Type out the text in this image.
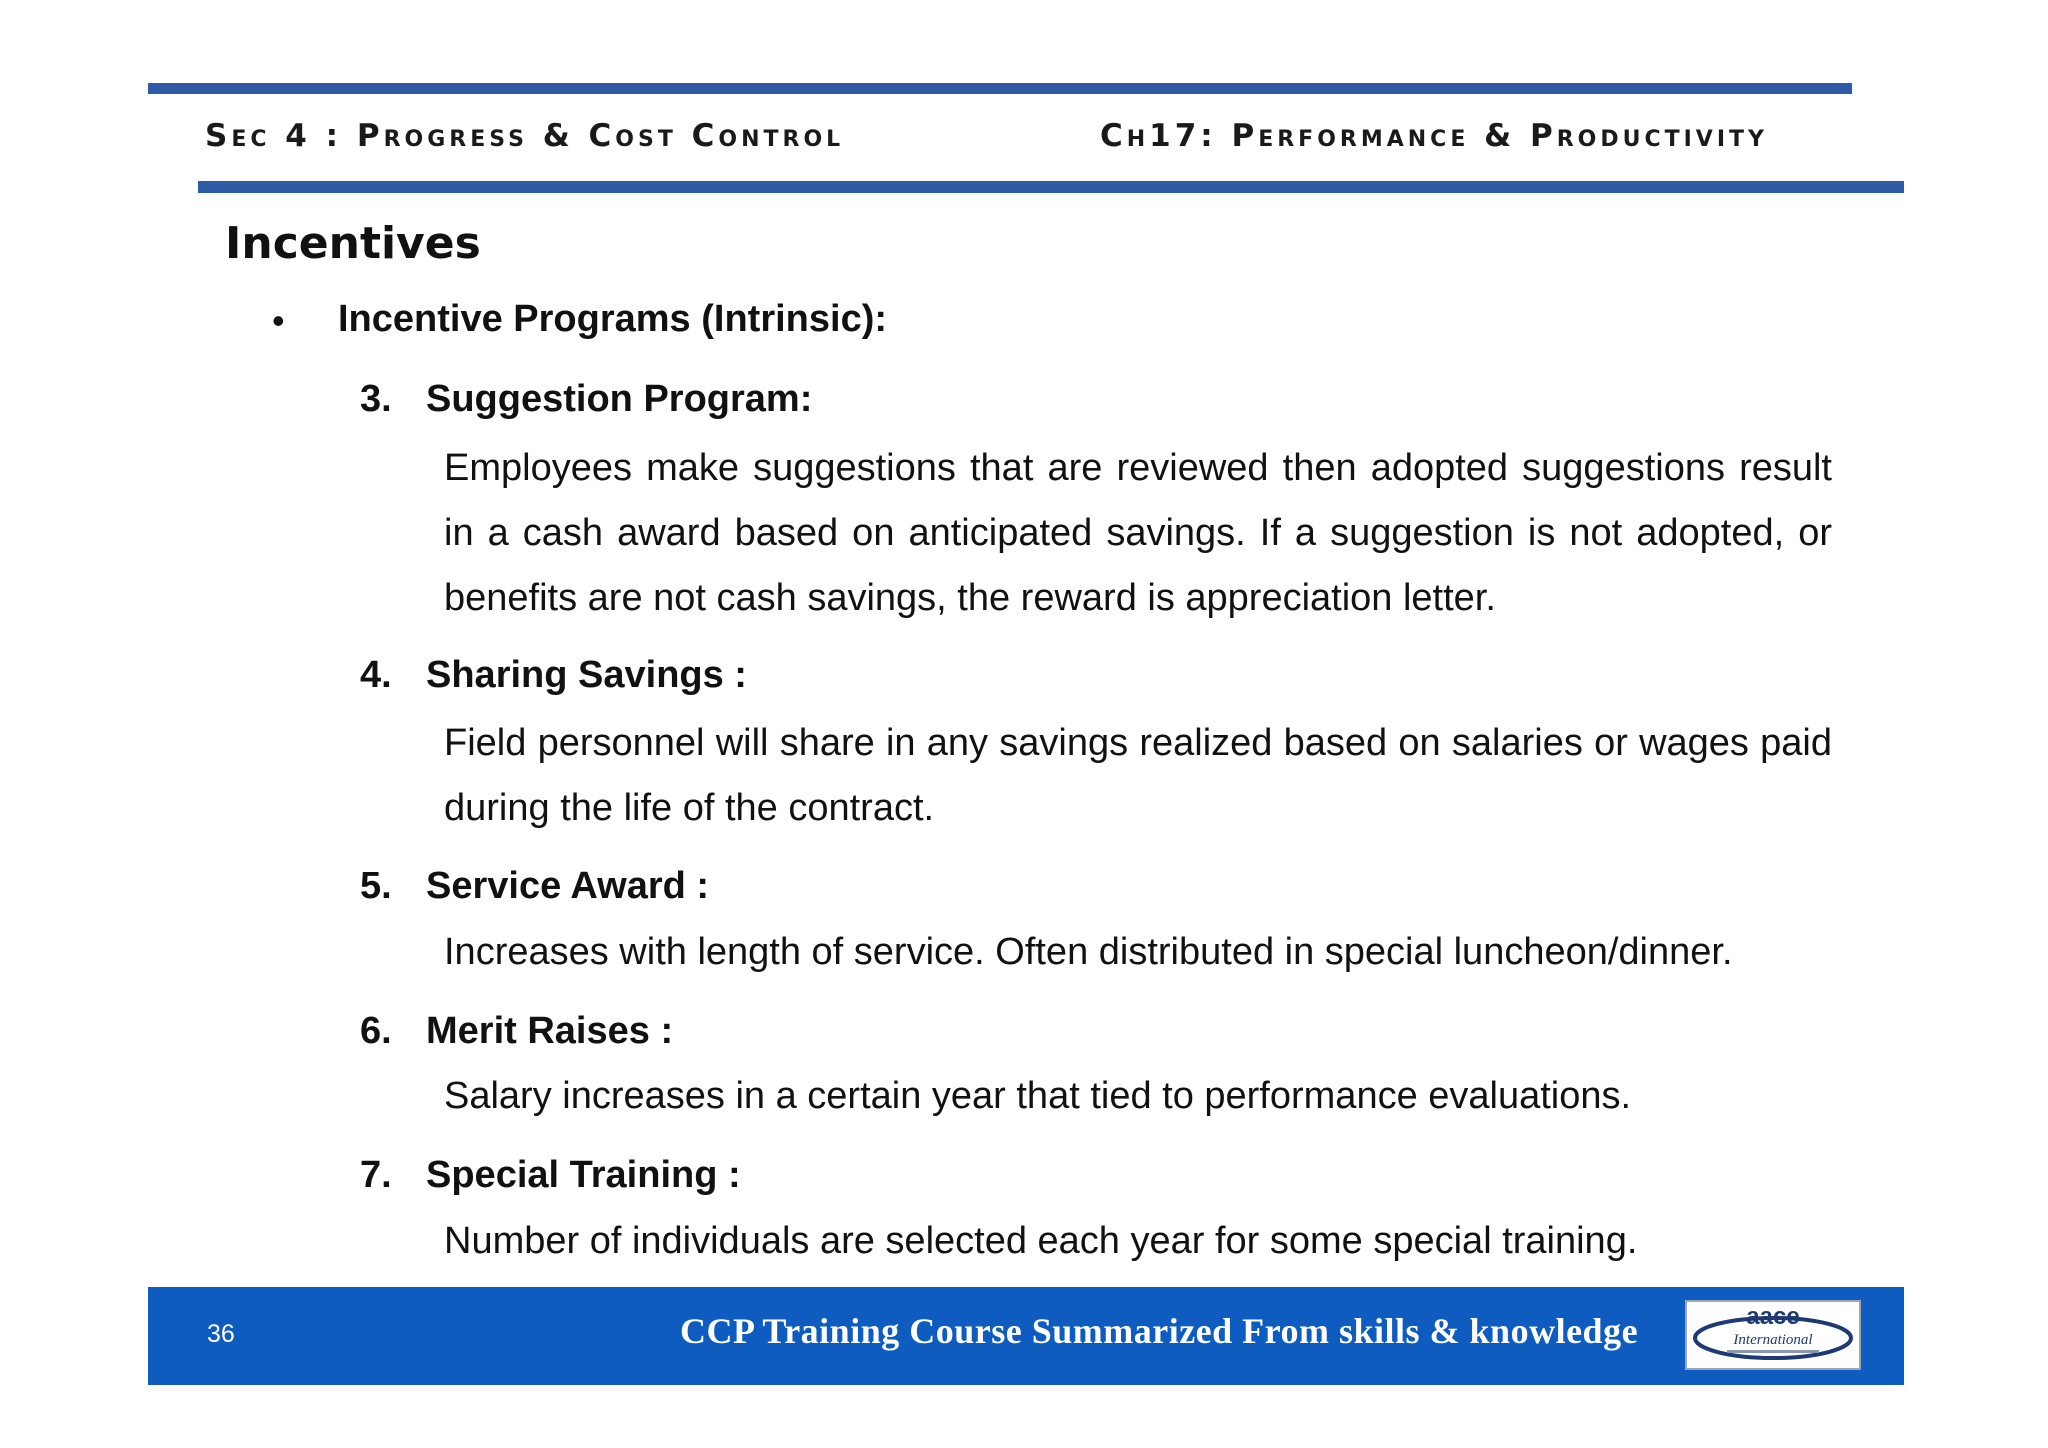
Sec 4 : Progress & Cost Control	Ch17: Performance & Productivity
Incentives
• Incentive Programs (Intrinsic):
3. Suggestion Program:
Employees make suggestions that are reviewed then adopted suggestions result in a cash award based on anticipated savings. If a suggestion is not adopted, or benefits are not cash savings, the reward is appreciation letter.
4. Sharing Savings :
Field personnel will share in any savings realized based on salaries or wages paid during the life of the contract.
5. Service Award :
Increases with length of service. Often distributed in special luncheon/dinner.
6. Merit Raises :
Salary increases in a certain year that tied to performance evaluations.
7. Special Training :
Number of individuals are selected each year for some special training.
36	CCP Training Course Summarized From skills & knowledge	aace
International
